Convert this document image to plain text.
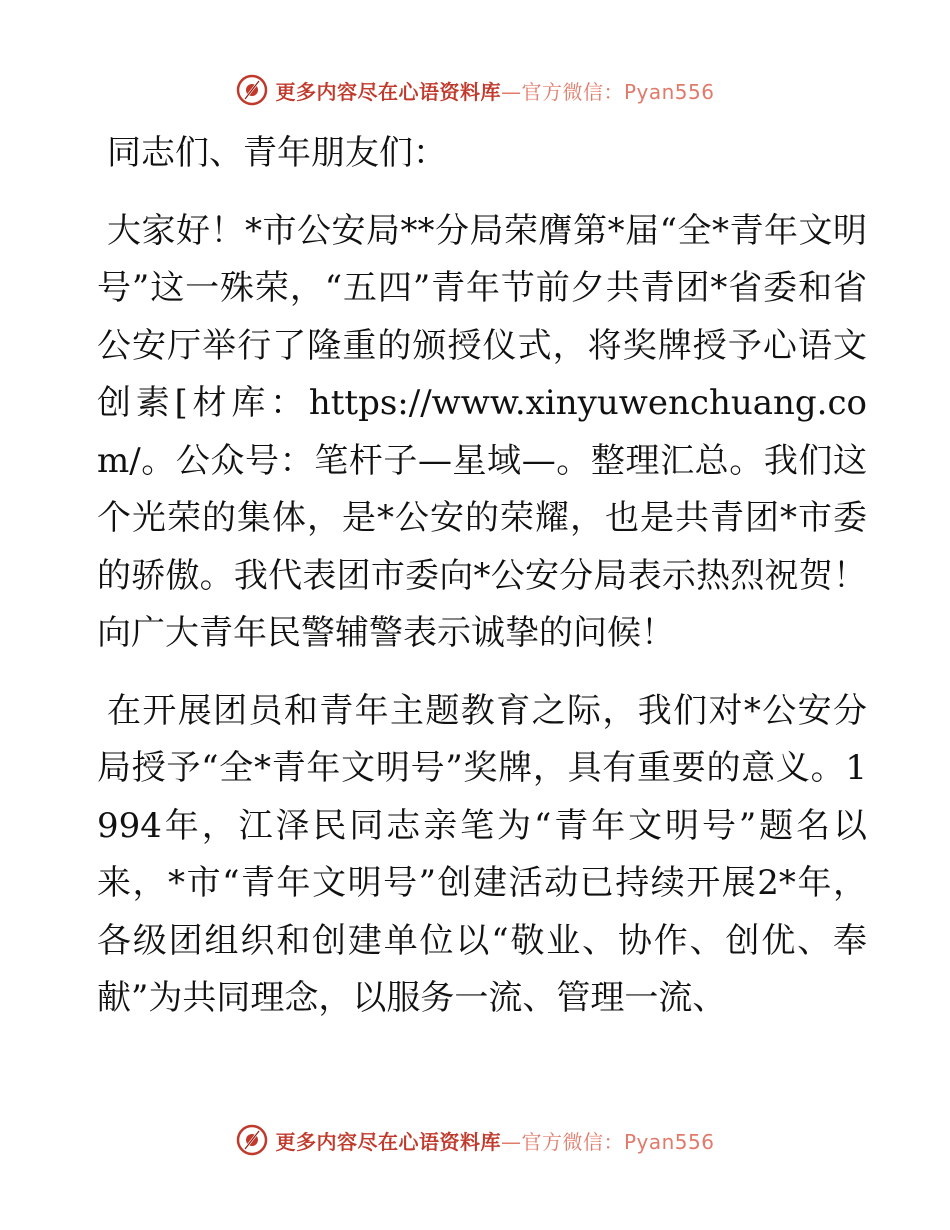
更多内容尽在心语资料库 —官方微信：Pyan556

同志们、青年朋友们：

大家好！*市公安局**分局荣膺第*届“全*青年文明号”这一殊荣，“五四”青年节前夕共青团*省委和省公安厅举行了隆重的颁授仪式，将奖牌授予心语文创素[材库：https://www.xinyuwenchuang.com/。公众号：笔杆子—星域—。整理汇总。我们这个光荣的集体，是*公安的荣耀，也是共青团*市委的骄傲。我代表团市委向*公安分局表示热烈祝贺！向广大青年民警辅警表示诚挚的问候！

在开展团员和青年主题教育之际，我们对*公安分局授予“全*青年文明号”奖牌，具有重要的意义。1994年，江泽民同志亲笔为“青年文明号”题名以来，*市“青年文明号”创建活动已持续开展2*年，各级团组织和创建单位以“敬业、协作、创优、奉献”为共同理念，以服务一流、管理一流、

更多内容尽在心语资料库 —官方微信：Pyan556
